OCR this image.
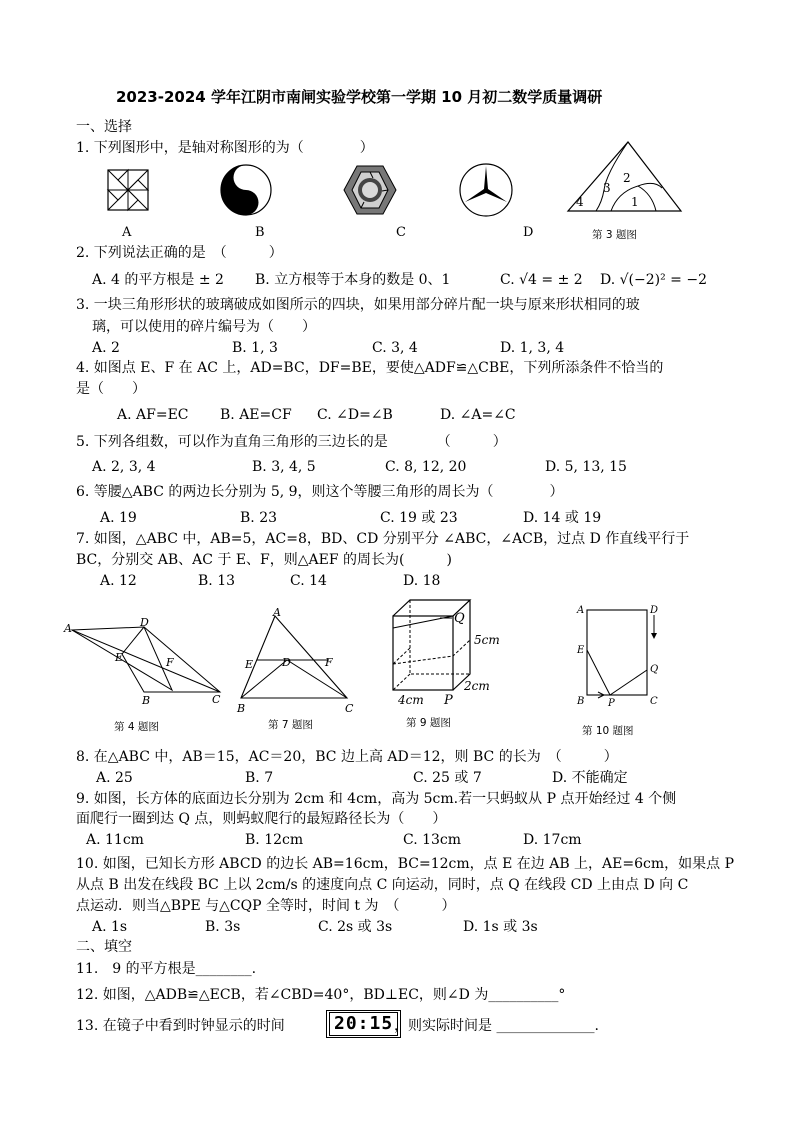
2023-2024 学年江阴市南闸实验学校第一学期 10 月初二数学质量调研
一、选择
1. 下列图形中，是轴对称图形的为（　　　　）
2
3
1
4
A	B	C	D	第 3 题图
2. 下列说法正确的是　（　　　）
A. 4 的平方根是 ± 2 B. 立方根等于本身的数是 0、1	C. √4 = ± 2 D. √(−2)² = −2
3. 一块三角形形状的玻璃破成如图所示的四块，如果用部分碎片配一块与原来形状相同的玻
璃，可以使用的碎片编号为（　　）
A. 2	B. 1, 3	C. 3, 4	D. 1, 3, 4
4. 如图点 E、F 在 AC 上，AD=BC，DF=BE，要使△ADF≌△CBE，下列所添条件不恰当的
是（　　）
A. AF=EC B. AE=CF C. ∠D=∠B	D. ∠A=∠C
5. 下列各组数，可以作为直角三角形的三边长的是　　　　（　　　）
A. 2, 3, 4	B. 3, 4, 5	C. 8, 12, 20	D. 5, 13, 15
6. 等腰△ABC 的两边长分别为 5, 9，则这个等腰三角形的周长为（　　　　）
A. 19	B. 23	C. 19 或 23	D. 14 或 19
7. 如图，△ABC 中，AB=5，AC=8，BD、CD 分别平分 ∠ABC，∠ACB，过点 D 作直线平行于
BC，分别交 AB、AC 于 E、F，则△AEF 的周长为(　　　)
A. 12	B. 13	C. 14	D. 18
A	D
E	F
B	C
第 4 题图
A
E	D	F
B	C
第 7 题图
Q
5cm
2cm
4cm P
第 9 题图
A	D
E
Q
B P	C
第 10 题图
8. 在△ABC 中，AB＝15，AC＝20，BC 边上高 AD＝12，则 BC 的长为　（　　　）
A. 25	B. 7	C. 25 或 7	D. 不能确定
9. 如图，长方体的底面边长分别为 2cm 和 4cm，高为 5cm.若一只蚂蚁从 P 点开始经过 4 个侧
面爬行一圈到达 Q 点，则蚂蚁爬行的最短路径长为（　　）
A. 11cm	B. 12cm	C. 13cm	D. 17cm
10. 如图，已知长方形 ABCD 的边长 AB=16cm，BC=12cm，点 E 在边 AB 上，AE=6cm，如果点 P
从点 B 出发在线段 BC 上以 2cm/s 的速度向点 C 向运动，同时，点 Q 在线段 CD 上由点 D 向 C
点运动．则当△BPE 与△CQP 全等时，时间 t 为　（　　　）
A. 1s	B. 3s	C. 2s 或 3s	D. 1s 或 3s
二、填空
11.　9 的平方根是________.
12. 如图，△ADB≌△ECB，若∠CBD=40°，BD⊥EC，则∠D 为__________°
13. 在镜子中看到时钟显示的时间	20:15 ，则实际时间是 ______________.
